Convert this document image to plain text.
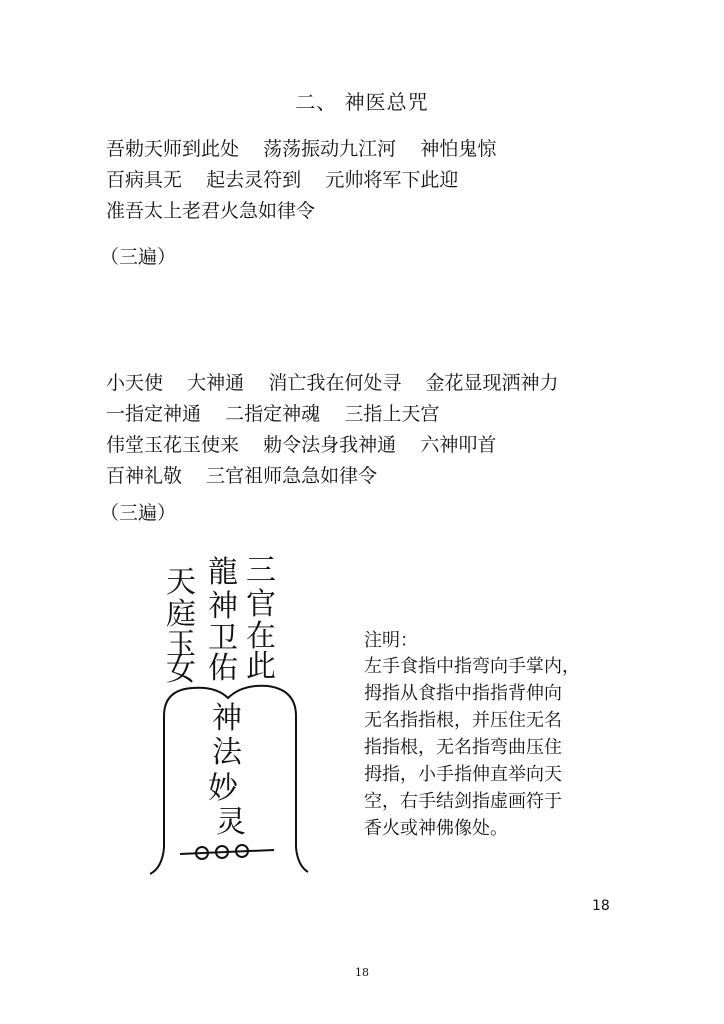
二、 神医总咒
吾勅天师到此处    荡荡振动九江河    神怕鬼惊
百病具无    起去灵符到    元帅将军下此迎
准吾太上老君火急如律令
（三遍）
小天使    大神通    消亡我在何处寻    金花显现洒神力
一指定神通    二指定神魂    三指上天宫
伟堂玉花玉使来    勅令法身我神通    六神叩首
百神礼敬    三官祖师急急如律令
（三遍）
三
官
在
此
龍
神
卫
佑
天
庭
玉
女
神
法
妙
灵
注明：
左手食指中指弯向手掌内，
拇指从食指中指指背伸向
无名指指根，并压住无名
指指根，无名指弯曲压住
拇指，小手指伸直举向天
空，右手结剑指虚画符于
香火或神佛像处。
18
18
